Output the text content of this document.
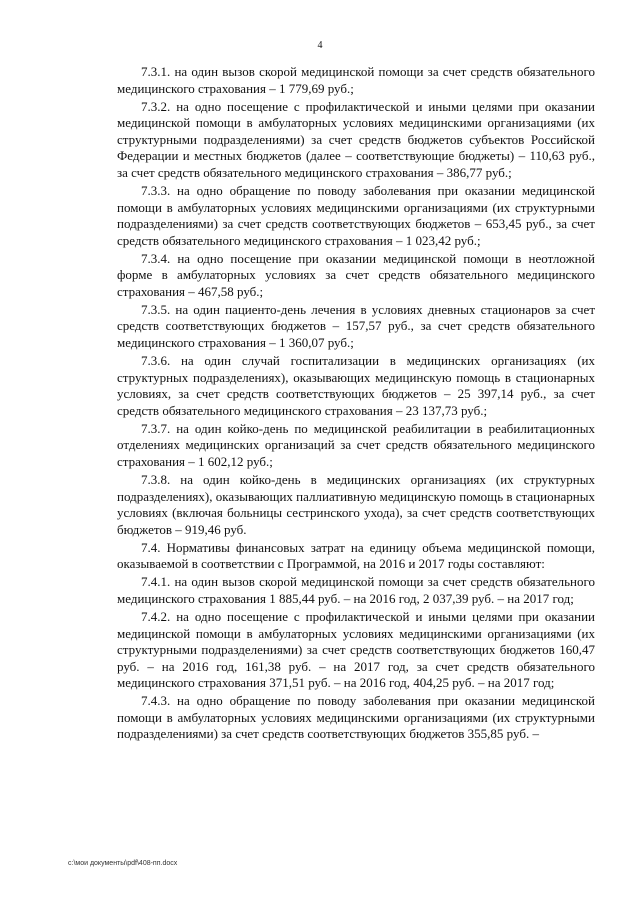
4

7.3.1. на один вызов скорой медицинской помощи за счет средств обязательного медицинского страхования – 1 779,69 руб.;

7.3.2. на одно посещение с профилактической и иными целями при оказании медицинской помощи в амбулаторных условиях медицинскими организациями (их структурными подразделениями) за счет средств бюджетов субъектов Российской Федерации и местных бюджетов (далее – соответствующие бюджеты) – 110,63 руб., за счет средств обязательного медицинского страхования – 386,77 руб.;

7.3.3. на одно обращение по поводу заболевания при оказании медицинской помощи в амбулаторных условиях медицинскими организациями (их структурными подразделениями) за счет средств соответствующих бюджетов – 653,45 руб., за счет средств обязательного медицинского страхования – 1 023,42 руб.;

7.3.4. на одно посещение при оказании медицинской помощи в неотложной форме в амбулаторных условиях за счет средств обязательного медицинского страхования – 467,58 руб.;

7.3.5. на один пациенто-день лечения в условиях дневных стационаров за счет средств соответствующих бюджетов – 157,57 руб., за счет средств обязательного медицинского страхования – 1 360,07 руб.;

7.3.6. на один случай госпитализации в медицинских организациях (их структурных подразделениях), оказывающих медицинскую помощь в стационарных условиях, за счет средств соответствующих бюджетов – 25 397,14 руб., за счет средств обязательного медицинского страхования – 23 137,73 руб.;

7.3.7. на один койко-день по медицинской реабилитации в реабилитационных отделениях медицинских организаций за счет средств обязательного медицинского страхования – 1 602,12 руб.;

7.3.8. на один койко-день в медицинских организациях (их структурных подразделениях), оказывающих паллиативную медицинскую помощь в стационарных условиях (включая больницы сестринского ухода), за счет средств соответствующих бюджетов – 919,46 руб.

7.4. Нормативы финансовых затрат на единицу объема медицинской помощи, оказываемой в соответствии с Программой, на 2016 и 2017 годы составляют:

7.4.1. на один вызов скорой медицинской помощи за счет средств обязательного медицинского страхования 1 885,44 руб. – на 2016 год, 2 037,39 руб. – на 2017 год;

7.4.2. на одно посещение с профилактической и иными целями при оказании медицинской помощи в амбулаторных условиях медицинскими организациями (их структурными подразделениями) за счет средств соответствующих бюджетов 160,47 руб. – на 2016 год, 161,38 руб. – на 2017 год, за счет средств обязательного медицинского страхования 371,51 руб. – на 2016 год, 404,25 руб. – на 2017 год;

7.4.3. на одно обращение по поводу заболевания при оказании медицинской помощи в амбулаторных условиях медицинскими организациями (их структурными подразделениями) за счет средств соответствующих бюджетов 355,85 руб. –

c:\мои документы\pdf\408-пп.docx
